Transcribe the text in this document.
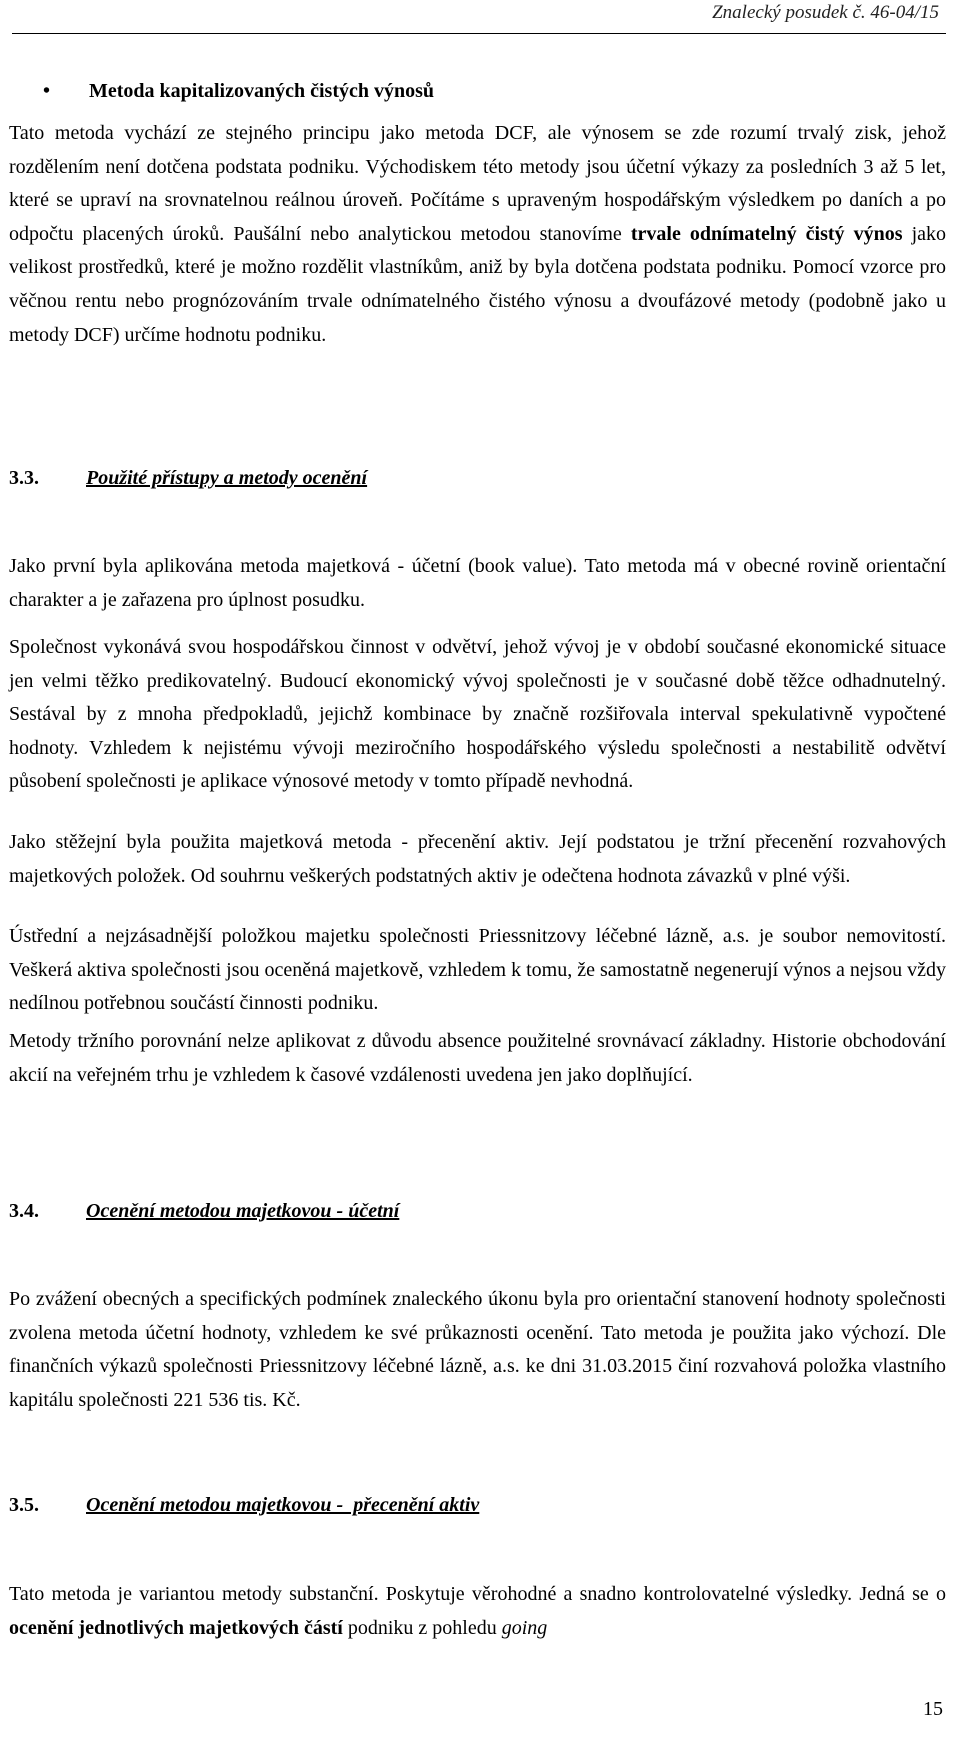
Znalecký posudek č. 46-04/15
• Metoda kapitalizovaných čistých výnosů
Tato metoda vychází ze stejného principu jako metoda DCF, ale výnosem se zde rozumí trvalý zisk, jehož rozdělením není dotčena podstata podniku. Východiskem této metody jsou účetní výkazy za posledních 3 až 5 let, které se upraví na srovnatelnou reálnou úroveň. Počítáme s upraveným hospodářským výsledkem po daních a po odpočtu placených úroků. Paušální nebo analytickou metodou stanovíme trvale odnímatelný čistý výnos jako velikost prostředků, které je možno rozdělit vlastníkům, aniž by byla dotčena podstata podniku. Pomocí vzorce pro věčnou rentu nebo prognózováním trvale odnímatelného čistého výnosu a dvoufázové metody (podobně jako u metody DCF) určíme hodnotu podniku.
3.3. Použité přístupy a metody ocenění
Jako první byla aplikována metoda majetková - účetní (book value). Tato metoda má v obecné rovině orientační charakter a je zařazena pro úplnost posudku.
Společnost vykonává svou hospodářskou činnost v odvětví, jehož vývoj je v období současné ekonomické situace jen velmi těžko predikovatelný. Budoucí ekonomický vývoj společnosti je v současné době těžce odhadnutelný. Sestával by z mnoha předpokladů, jejichž kombinace by značně rozšiřovala interval spekulativně vypočtené hodnoty. Vzhledem k nejistému vývoji meziročního hospodářského výsledu společnosti a nestabilitě odvětví působení společnosti je aplikace výnosové metody v tomto případě nevhodná.
Jako stěžejní byla použita majetková metoda - přecenění aktiv. Její podstatou je tržní přecenění rozvahových majetkových položek. Od souhrnu veškerých podstatných aktiv je odečtena hodnota závazků v plné výši.
Ústřední a nejzásadnější položkou majetku společnosti Priessnitzovy léčebné lázně, a.s. je soubor nemovitostí. Veškerá aktiva společnosti jsou oceněná majetkově, vzhledem k tomu, že samostatně negenerují výnos a nejsou vždy nedílnou potřebnou součástí činnosti podniku.
Metody tržního porovnání nelze aplikovat z důvodu absence použitelné srovnávací základny. Historie obchodování akcií na veřejném trhu je vzhledem k časové vzdálenosti uvedena jen jako doplňující.
3.4. Ocenění metodou majetkovou - účetní
Po zvážení obecných a specifických podmínek znaleckého úkonu byla pro orientační stanovení hodnoty společnosti zvolena metoda účetní hodnoty, vzhledem ke své průkaznosti ocenění. Tato metoda je použita jako výchozí. Dle finančních výkazů společnosti Priessnitzovy léčebné lázně, a.s. ke dni 31.03.2015 činí rozvahová položka vlastního kapitálu společnosti 221 536 tis. Kč.
3.5. Ocenění metodou majetkovou -  přecenění aktiv
Tato metoda je variantou metody substanční. Poskytuje věrohodné a snadno kontrolovatelné výsledky. Jedná se o ocenění jednotlivých majetkových částí podniku z pohledu going
15
